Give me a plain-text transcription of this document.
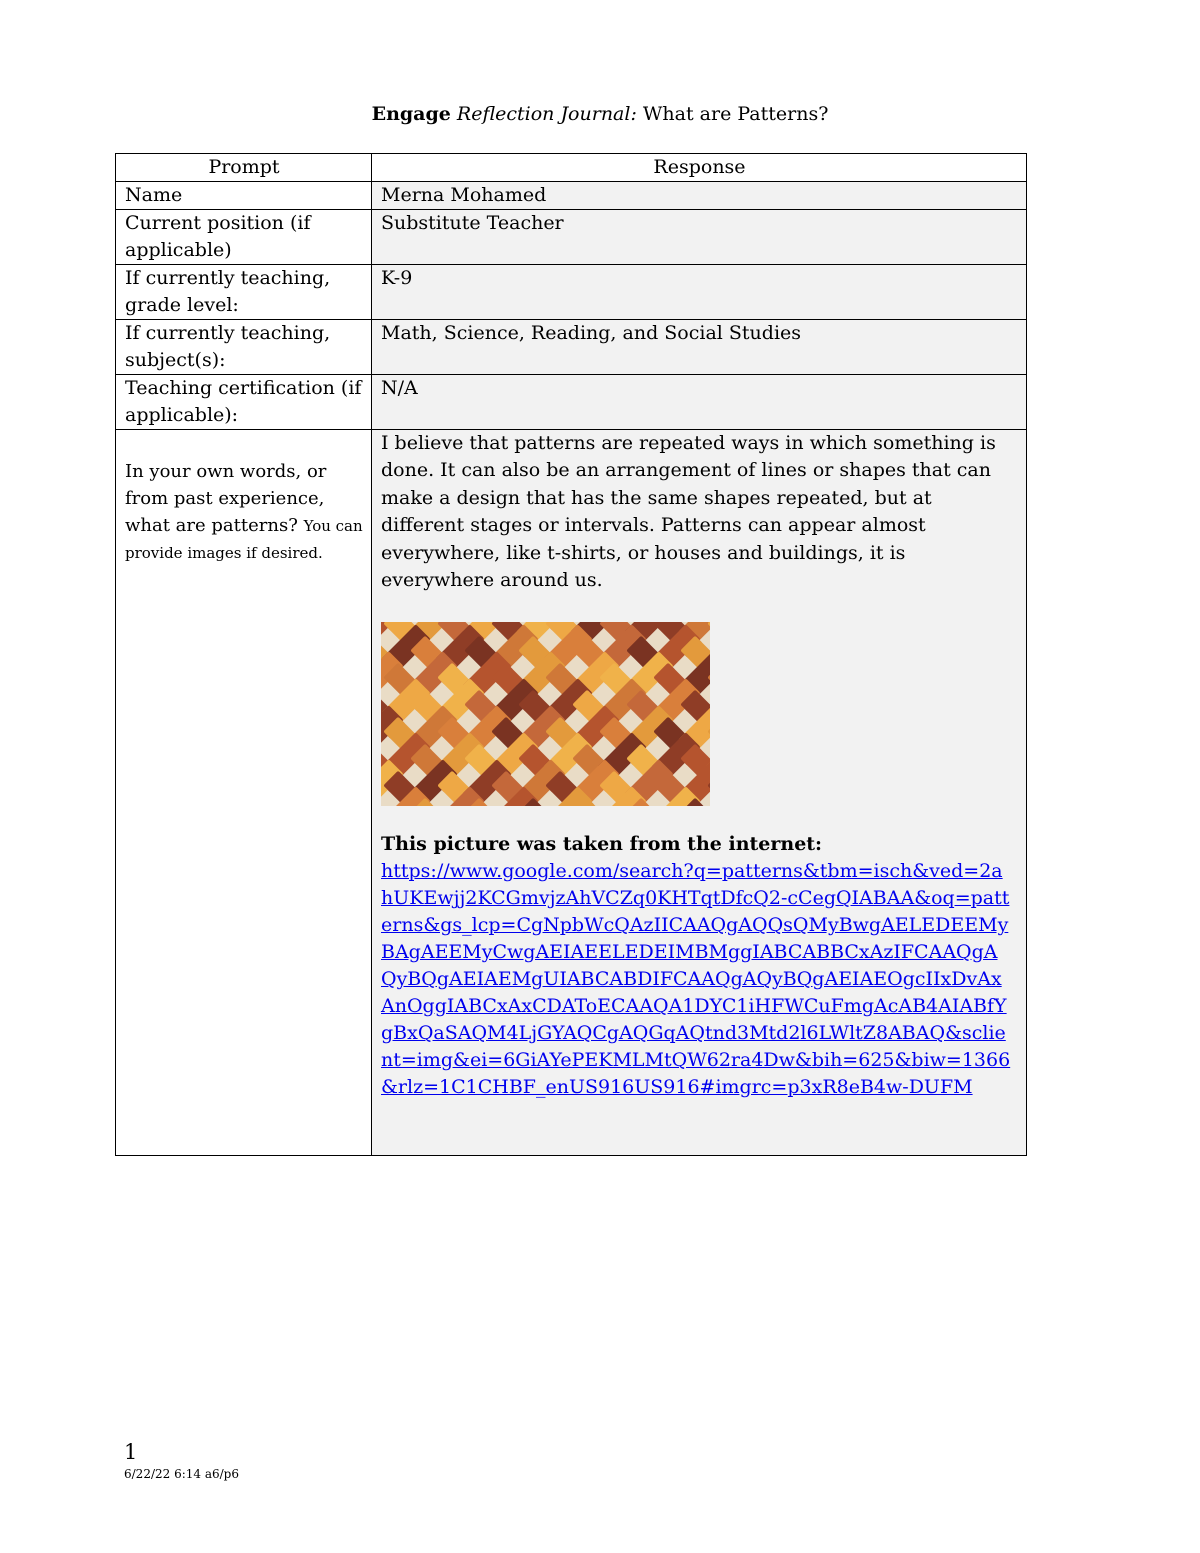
Engage Reflection Journal: What are Patterns?
Prompt	Response
Name	Merna Mohamed
Current position (if applicable)	Substitute Teacher
If currently teaching, grade level:	K-9
If currently teaching, subject(s):	Math, Science, Reading, and Social Studies
Teaching certification (if applicable):	N/A

In your own words, or from past experience, what are patterns? You can provide images if desired.	I believe that patterns are repeated ways in which something is done. It can also be an arrangement of lines or shapes that can make a design that has the same shapes repeated, but at different stages or intervals. Patterns can appear almost everywhere, like t-shirts, or houses and buildings, it is everywhere around us.
This picture was taken from the internet:
https://www.google.com/search?q=patterns&tbm=isch&ved=2ahUKEwjj2KCGmvjzAhVCZq0KHTqtDfcQ2-cCegQIABAA&oq=patterns&gs_lcp=CgNpbWcQAzIICAAQgAQQsQMyBwgAELEDEEMyBAgAEEMyCwgAEIAEELEDEIMBMggIABCABBCxAzIFCAAQgAQyBQgAEIAEMgUIABCABDIFCAAQgAQyBQgAEIAEOgcIIxDvAxAnOggIABCxAxCDAToECAAQA1DYC1iHFWCuFmgAcAB4AIABfYgBxQaSAQM4LjGYAQCgAQGqAQtnd3Mtd2l6LWltZ8ABAQ&sclient=img&ei=6GiAYePEKMLMtQW62ra4Dw&bih=625&biw=1366&rlz=1C1CHBF_enUS916US916#imgrc=p3xR8eB4w-DUFM
1
6/22/22 6:14 a6/p6
